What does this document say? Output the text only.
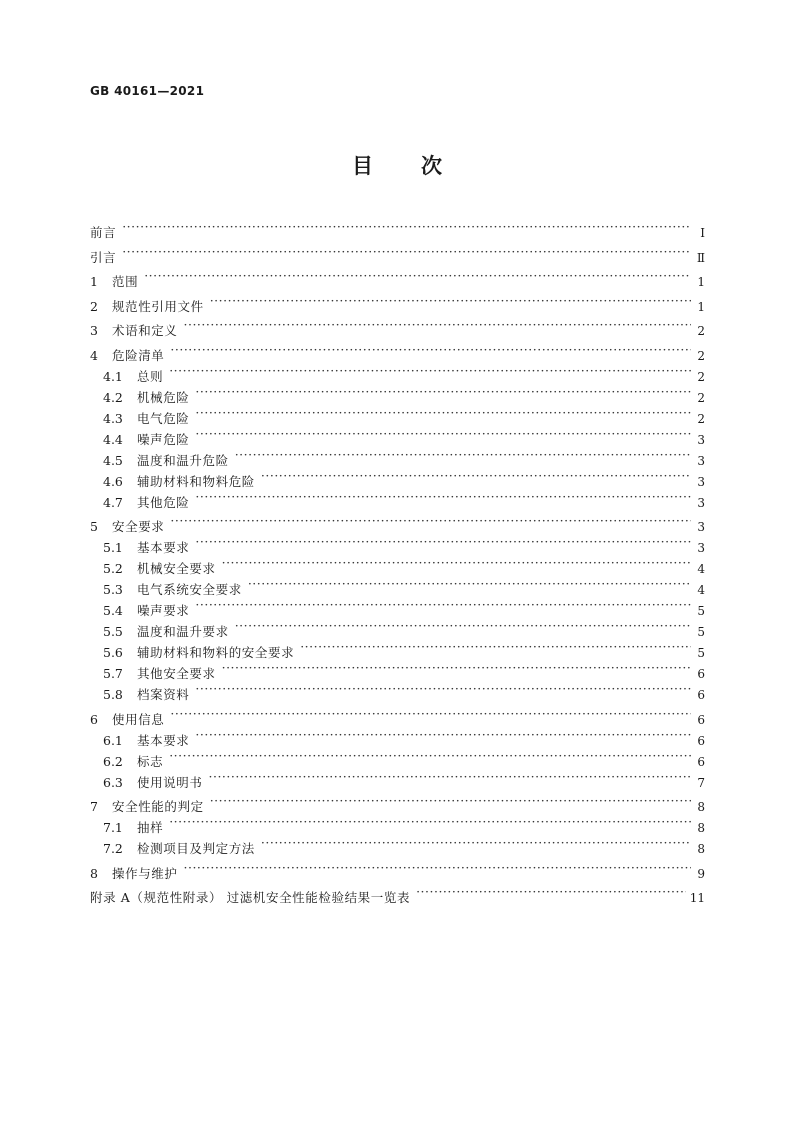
GB 40161—2021
目 次
前言 ·····	Ⅰ
引言 ·····	Ⅱ
1	范围 ·····	1
2	规范性引用文件 ·····	1
3	术语和定义 ·····	2
4	危险清单 ·····	2
4.1	总则 ·····	2
4.2	机械危险 ·····	2
4.3	电气危险 ·····	2
4.4	噪声危险 ·····	3
4.5	温度和温升危险 ·····	3
4.6	辅助材料和物料危险 ·····	3
4.7	其他危险 ·····	3
5	安全要求 ·····	3
5.1	基本要求 ·····	3
5.2	机械安全要求 ·····	4
5.3	电气系统安全要求 ·····	4
5.4	噪声要求 ·····	5
5.5	温度和温升要求 ·····	5
5.6	辅助材料和物料的安全要求 ·····	5
5.7	其他安全要求 ·····	6
5.8	档案资料 ·····	6
6	使用信息 ·····	6
6.1	基本要求 ·····	6
6.2	标志 ·····	6
6.3	使用说明书 ·····	7
7	安全性能的判定 ·····	8
7.1	抽样 ·····	8
7.2	检测项目及判定方法 ·····	8
8	操作与维护 ·····	9
附录 A（规范性附录） 过滤机安全性能检验结果一览表 ·····	11
